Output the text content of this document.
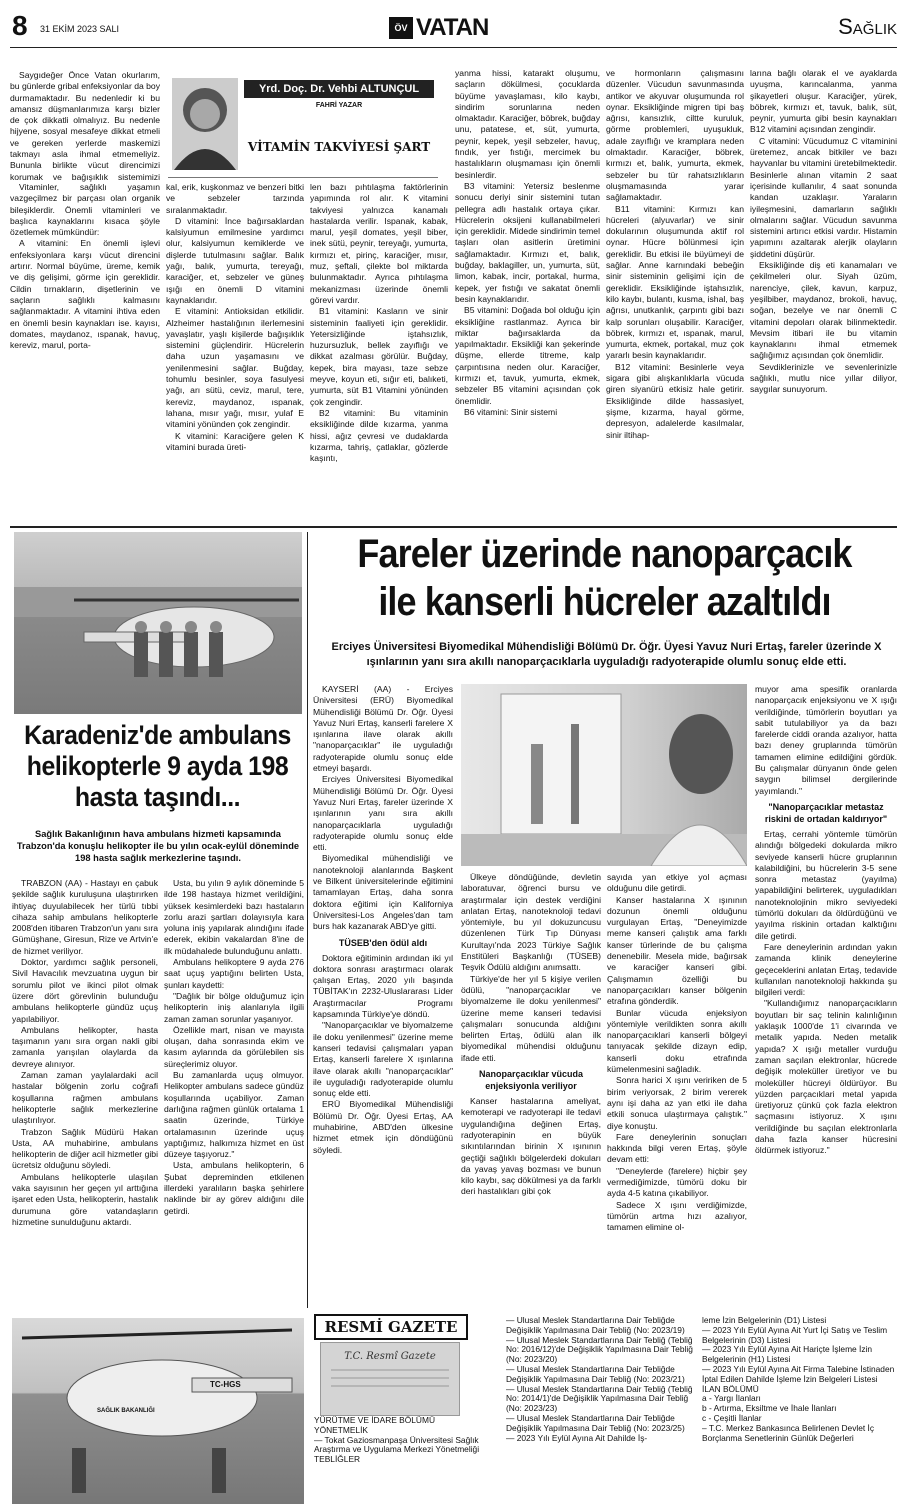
8 31 EKİM 2023 SALI	ÖV VATAN	Sağlık
Yrd. Doç. Dr. Vehbi ALTUNÇUL
FAHRİ YAZAR
VİTAMİN TAKVİYESİ ŞART

Saygıdeğer Önce Vatan okurlarım, bu günlerde gribal enfeksiyonlar da boy durmamaktadır. Bu nedenledir ki bu amansız düşmanlarımıza karşı bizler de çok dikkatli olmalıyız. Bu nedenle hijyene, sosyal mesafeye dikkat etmeli ve gereken yerlerde maskemizi takmayı asla ihmal etmemeliyiz. Bununla birlikte vücut direncimizi korumak ve bağışıklık sistemimizi

Vitaminler, sağlıklı yaşamın vazgeçilmez bir parçası olan organik bileşiklerdir. Önemli vitaminleri ve başlıca kaynaklarını kısaca şöyle özetlemek mümkündür:

A vitamini: En önemli işlevi enfeksiyonlara karşı vücut direncini artırır. Normal büyüme, üreme, kemik ve diş gelişimi, görme için gereklidir. Cildin tırnakların, dişetlerinin ve saçların sağlıklı kalmasını sağlanmaktadır. A vitamini ihtiva eden en önemli besin kaynakları ise. kayısı, domates, maydanoz, ıspanak, havuç, kereviz, marul, porta-

kal, erik, kuşkonmaz ve benzeri bitki ve sebzeler tarzında sıralanmaktadır.

D vitamini: İnce bağırsaklardan kalsiyumun emilmesine yardımcı olur, kalsiyumun kemiklerde ve dişlerde tutulmasını sağlar. Balık yağı, balık, yumurta, tereyağı, karaciğer, et, sebzeler ve güneş ışığı en önemli D vitamini kaynaklarıdır.

E vitamini: Antioksidan etkilidir. Alzheimer hastalığının ilerlemesini yavaşlatır, yaşlı kişilerde bağışıklık sistemini güçlendirir. Hücrelerin daha uzun yaşamasını ve yenilenmesini sağlar. Buğday, tohumlu besinler, soya fasulyesi yağı, arı sütü, ceviz, marul, tere, kereviz, maydanoz, ıspanak, lahana, mısır yağı, mısır, yulaf E vitamini yönünden çok zengindir.

K vitamini: Karaciğere gelen K vitamini burada üreti-

len bazı pıhtılaşma faktörlerinin yapımında rol alır. K vitamini takviyesi yalnızca kanamalı hastalarda verilir. Ispanak, kabak, marul, yeşil domates, yeşil biber, inek sütü, peynir, tereyağı, yumurta, kırmızı et, pirinç, karaciğer, mısır, muz, şeftali, çilekte bol miktarda bulunmaktadır. Ayrıca pıhtılaşma mekanizması üzerinde önemli görevi vardır.

B1 vitamini: Kasların ve sinir sisteminin faaliyeti için gereklidir. Yetersizliğinde iştahsızlık, huzursuzluk, bellek zayıflığı ve dikkat azalması görülür. Buğday, kepek, bira mayası, taze sebze meyve, koyun eti, sığır eti, balıketi, yumurta, süt B1 Vitamini yönünden çok zengindir.

B2 vitamini: Bu vitaminin eksikliğinde dilde kızarma, yanma hissi, ağız çevresi ve dudaklarda kızarma, tahriş, çatlaklar, gözlerde kaşıntı,

yanma hissi, katarakt oluşumu, saçların dökülmesi, çocuklarda büyüme yavaşlaması, kilo kaybı, sindirim sorunlarına neden olmaktadır. Karaciğer, böbrek, buğday unu, patatese, et, süt, yumurta, peynir, kepek, yeşil sebzeler, havuç, fındık, yer fıstığı, mercimek bu hastalıkların oluşmaması için önemli besinlerdir.

B3 vitamini: Yetersiz beslenme sonucu deriyi sinir sistemini tutan pellegra adlı hastalık ortaya çıkar. Hücrelerin oksijeni kullanabilmeleri için gereklidir. Midede sindirimin temel taşları olan asitlerin üretimini sağlamaktadır. Kırmızı et, balık, buğday, baklagiller, un, yumurta, süt, limon, kabak, incir, portakal, hurma, kepek, yer fıstığı ve sakatat önemli besin kaynaklarıdır.

B5 vitamini: Doğada bol olduğu için eksikliğine rastlanmaz. Ayrıca bir miktar bağırsaklarda da yapılmaktadır. Eksikliği kan şekerinde düşme, ellerde titreme, kalp çarpıntısına neden olur. Karaciğer, kırmızı et, tavuk, yumurta, ekmek, sebzeler B5 vitamini açısından çok önemlidir.

B6 vitamini: Sinir sistemi

ve hormonların çalışmasını düzenler. Vücudun savunmasında antikor ve akyuvar oluşumunda rol oynar. Eksikliğinde migren tipi baş ağrısı, kansızlık, ciltte kuruluk, görme problemleri, uyuşukluk, adale zayıflığı ve kramplara neden olmaktadır. Karaciğer, böbrek, kırmızı et, balık, yumurta, ekmek, sebzeler bu tür rahatsızlıkların oluşmamasında yarar sağlamaktadır.

B11 vitamini: Kırmızı kan hücreleri (alyuvarlar) ve sinir dokularının oluşumunda aktif rol oynar. Hücre bölünmesi için gereklidir. Bu etkisi ile büyümeyi de sağlar. Anne karnındaki bebeğin sinir sisteminin gelişimi için de gereklidir. Eksikliğinde iştahsızlık, kilo kaybı, bulantı, kusma, ishal, baş ağrısı, unutkanlık, çarpıntı gibi bazı kalp sorunları oluşabilir. Karaciğer, böbrek, kırmızı et, ıspanak, marul, yumurta, ekmek, portakal, muz çok yararlı besin kaynaklarıdır.

B12 vitamini: Besinlerle veya sigara gibi alışkanlıklarla vücuda giren siyanürü etkisiz hale getirir. Eksikliğinde dilde hassasiyet, şişme, kızarma, hayal görme, depresyon, adalelerde kasılmalar, sinir iltihap-

larına bağlı olarak el ve ayaklarda uyuşma, karıncalanma, yanma şikayetleri oluşur. Karaciğer, yürek, böbrek, kırmızı et, tavuk, balık, süt, peynir, yumurta gibi besin kaynakları B12 vitamini açısından zengindir.

C vitamini: Vücudumuz C vitaminini üretemez, ancak bitkiler ve bazı hayvanlar bu vitamini üretebilmektedir. Besinlerle alınan vitamin 2 saat içerisinde kullanılır, 4 saat sonunda kandan uzaklaşır. Yaraların iyileşmesini, damarların sağlıklı olmalarını sağlar. Vücudun savunma sistemini artırıcı etkisi vardır. Histamin yapımını azaltarak alerjik olayların şiddetini düşürür.

Eksikliğinde diş eti kanamaları ve çekilmeleri olur. Siyah üzüm, narenciye, çilek, kavun, karpuz, yeşilbiber, maydanoz, brokoli, havuç, soğan, bezelye ve nar önemli C vitamini depoları olarak bilinmektedir. Mevsim itibari ile bu vitamin kaynaklarını ihmal etmemek sağlığımız açısından çok önemlidir.

Sevdiklerinizle ve sevenlerinizle sağlıklı, mutlu nice yıllar diliyor, saygılar sunuyorum.

Karadeniz'de ambulans helikopterle 9 ayda 198 hasta taşındı...
Sağlık Bakanlığının hava ambulans hizmeti kapsamında Trabzon'da konuşlu helikopter ile bu yılın ocak-eylül döneminde 198 hasta sağlık merkezlerine taşındı.

TRABZON (AA) - Hastayı en çabuk şekilde sağlık kuruluşuna ulaştırırken ihtiyaç duyulabilecek her türlü tıbbi cihaza sahip ambulans helikopterle 2008'den itibaren Trabzon'un yanı sıra Gümüşhane, Giresun, Rize ve Artvin'e de hizmet veriliyor.

Doktor, yardımcı sağlık personeli, Sivil Havacılık mevzuatına uygun bir sorumlu pilot ve ikinci pilot olmak üzere dört görevlinin bulunduğu ambulans helikopterle gündüz uçuş yapılabiliyor.

Ambulans helikopter, hasta taşımanın yanı sıra organ nakli gibi zamanla yarışılan olaylarda da devreye alınıyor.

Zaman zaman yaylalardaki acil hastalar bölgenin zorlu coğrafi koşullarına rağmen ambulans helikopterle sağlık merkezlerine ulaştırılıyor.

Trabzon Sağlık Müdürü Hakan Usta, AA muhabirine, ambulans helikopterin de diğer acil hizmetler gibi ücretsiz olduğunu söyledi.

Ambulans helikopterle ulaşılan vaka sayısının her geçen yıl arttığına işaret eden Usta, helikopterin, hastalık durumuna göre vatandaşların hizmetine sunulduğunu aktardı.

Usta, bu yılın 9 aylık döneminde 5 ilde 198 hastaya hizmet verildiğini, yüksek kesimlerdeki bazı hastaların zorlu arazi şartları dolayısıyla kara yoluna iniş yapılarak alındığını ifade ederek, ekibin vakalardan 8'ine de ilk müdahalede bulunduğunu anlattı.

Ambulans helikoptere 9 ayda 276 saat uçuş yaptığını belirten Usta, şunları kaydetti:

"Dağlık bir bölge olduğumuz için helikopterin iniş alanlarıyla ilgili zaman zaman sorunlar yaşanıyor.

Özellikle mart, nisan ve mayısta oluşan, daha sonrasında ekim ve kasım aylarında da görülebilen sis süreçlerimiz oluyor.

Bu zamanlarda uçuş olmuyor. Helikopter ambulans sadece gündüz koşullarında uçabiliyor. Zaman darlığına rağmen günlük ortalama 1 saatin üzerinde, Türkiye ortalamasının üzerinde uçuş yaptığımız, halkımıza hizmet en üst düzeye taşıyoruz."

Usta, ambulans helikopterin, 6 Şubat depreminden etkilenen illerdeki yaralıların başka şehirlere naklinde bir ay görev aldığını dile getirdi.

TC-HGS
SAĞLIK BAKANLIĞI
Fareler üzerinde nanoparçacık
ile kanserli hücreler azaltıldı
Erciyes Üniversitesi Biyomedikal Mühendisliği Bölümü Dr. Öğr. Üyesi Yavuz Nuri Ertaş, fareler üzerinde X ışınlarının yanı sıra akıllı nanoparçacıklarla uyguladığı radyoterapide olumlu sonuç elde etti.

KAYSERİ (AA) - Erciyes Üniversitesi (ERÜ) Biyomedikal Mühendisliği Bölümü Dr. Öğr. Üyesi Yavuz Nuri Ertaş, kanserli farelere X ışınlarına ilave olarak akıllı "nanoparçacıklar" ile uyguladığı radyoterapide olumlu sonuç elde etmeyi başardı.

Erciyes Üniversitesi Biyomedikal Mühendisliği Bölümü Dr. Öğr. Üyesi Yavuz Nuri Ertaş, fareler üzerinde X ışınlarının yanı sıra akıllı nanoparçacıklarla uyguladığı radyoterapide olumlu sonuç elde etti.

Biyomedikal mühendisliği ve nanoteknoloji alanlarında Başkent ve Bilkent üniversitelerinde eğitimini tamamlayan Ertaş, daha sonra doktora eğitimi için Kaliforniya Üniversitesi-Los Angeles'dan tam burs hak kazanarak ABD'ye gitti.

TÜSEB'den ödül aldı

Doktora eğitiminin ardından iki yıl doktora sonrası araştırmacı olarak çalışan Ertaş, 2020 yılı başında TÜBİTAK'ın 2232-Uluslararası Lider Araştırmacılar Programı kapsamında Türkiye'ye döndü.

"Nanoparçacıklar ve biyomalzeme ile doku yenilenmesi" üzerine meme kanseri tedavisi çalışmaları yapan Ertaş, kanserli farelere X ışınlarına ilave olarak akıllı "nanoparçacıklar" ile uyguladığı radyoterapide olumlu sonuç elde etti.

ERÜ Biyomedikal Mühendisliği Bölümü Dr. Öğr. Üyesi Ertaş, AA muhabirine, ABD'den ülkesine hizmet etmek için döndüğünü söyledi.

Ülkeye döndüğünde, devletin laboratuvar, öğrenci bursu ve araştırmalar için destek verdiğini anlatan Ertaş, nanoteknoloji tedavi yöntemiyle, bu yıl dokuzuncusu düzenlenen Türk Tıp Dünyası Kurultayı'nda 2023 Türkiye Sağlık Enstitüleri Başkanlığı (TÜSEB) Teşvik Ödülü aldığını anımsattı.

Türkiye'de her yıl 5 kişiye verilen ödülü, "nanoparçacıklar ve biyomalzeme ile doku yenilenmesi" üzerine meme kanseri tedavisi çalışmaları sonucunda aldığını belirten Ertaş, ödülü alan ilk biyomedikal mühendisi olduğunu ifade etti.

Nanoparçacıklar vücuda enjeksiyonla veriliyor

Kanser hastalarına ameliyat, kemoterapi ve radyoterapi ile tedavi uygulandığına değinen Ertaş, radyoterapinin en büyük sıkıntılarından birinin X ışınının geçtiği sağlıklı bölgelerdeki dokuları da yavaş yavaş bozması ve bunun kilo kaybı, saç dökülmesi ya da farklı deri hastalıkları gibi çok

sayıda yan etkiye yol açması olduğunu dile getirdi.

Kanser hastalarına X ışınının dozunun önemli olduğunu vurgulayan Ertaş, "Deneyimizde meme kanseri çalıştık ama farklı kanser türlerinde de bu çalışma denenebilir. Mesela mide, bağırsak ve karaciğer kanseri gibi. Çalışmamın özelliği bu nanoparçacıkları kanser bölgenin etrafına gönderdik.

Bunlar vücuda enjeksiyon yöntemiyle verildikten sonra akıllı nanoparçacıklari kanserli bölgeyi tanıyacak şekilde dizayn edip, kanserli doku etrafında kümelenmesini sağladık.

Sonra harici X ışını veririken de 5 birim veriyorsak, 2 birim vererek aynı işi daha az yan etki ile daha etkili sonuca ulaştırmaya çalıştık." diye konuştu.

Fare deneylerinin sonuçları hakkında bilgi veren Ertaş, şöyle devam etti:

"Deneylerde (farelere) hiçbir şey vermediğimizde, tümörü doku bir ayda 4-5 katına çıkabiliyor.

Sadece X ışını verdiğimizde, tümörün artma hızı azalıyor, tamamen elimine ol-

muyor ama spesifik oranlarda nanoparçacık enjeksiyonu ve X ışığı verildiğinde, tümörlerin boyutları ya sabit tutulabiliyor ya da bazı farelerde ciddi oranda azalıyor, hatta bazı deney gruplarında tümörün tamamen elimine edildiğini gördük. Bu çalışmalar dünyanın önde gelen saygın bilimsel dergilerinde yayımlandı."

"Nanoparçacıklar metastaz riskini de ortadan kaldırıyor"

Ertaş, cerrahi yöntemle tümörün alındığı bölgedeki dokularda mikro seviyede kanserli hücre gruplarının kalabildiğini, bu hücrelerin 3-5 sene sonra metastaz (yayılma) yapabildiğini belirterek, uyguladıkları nanoteknolojinin mikro seviyedeki tümörlü dokuları da öldürdüğünü ve yayılma riskinin ortadan kalktığını dile getirdi.

Fare deneylerinin ardından yakın zamanda klinik deneylerine geçeceklerini anlatan Ertaş, tedavide kullanılan nanoteknoloji hakkında şu bilgileri verdi:

"Kullandığımız nanoparçacıkların boyutları bir saç telinin kalınlığının yaklaşık 1000'de 1'i civarında ve metalik yapıda. Neden metalik yapıda? X ışığı metaller vurduğu zaman saçılan elektronlar, hücrede değişik moleküller üretiyor ve bu moleküller hücreyi öldürüyor. Bu yüzden parçacıklari metal yapıda üretiyoruz çünkü çok fazla elektron saçmasını istiyoruz. X ışını verildiğinde bu saçılan elektronlarla daha fazla kanser hücresini öldürmek istiyoruz."

RESMİ GAZETE
T.C. Resmî Gazete
YÜRÜTME VE İDARE BÖLÜMÜ
YÖNETMELİK
— Tokat Gaziosmanpaşa Üniversitesi Sağlık Araştırma ve Uygulama Merkezi Yönetmeliği
TEBLİĞLER
— Ulusal Meslek Standartlarına Dair Tebliğde Değişiklik Yapılmasına Dair Tebliğ (No: 2023/19)
— Ulusal Meslek Standartlarına Dair Tebliğ (Tebliğ No: 2016/12)'de Değişiklik Yapılmasına Dair Tebliğ (No: 2023/20)
— Ulusal Meslek Standartlarına Dair Tebliğde Değişiklik Yapılmasına Dair Tebliğ (No: 2023/21)
— Ulusal Meslek Standartlarına Dair Tebliğ (Tebliğ No: 2014/1)'de Değişiklik Yapılmasına Dair Tebliğ (No: 2023/23)
— Ulusal Meslek Standartlarına Dair Tebliğde Değişiklik Yapılmasına Dair Tebliğ (No: 2023/25)
— 2023 Yılı Eylül Ayına Ait Dahilde İş-
leme İzin Belgelerinin (D1) Listesi
— 2023 Yılı Eylül Ayına Ait Yurt İçi Satış ve Teslim Belgelerinin (D3) Listesi
— 2023 Yılı Eylül Ayına Ait Hariçte İşleme İzin Belgelerinin (H1) Listesi
— 2023 Yılı Eylül Ayına Ait Firma Talebine İstinaden İptal Edilen Dahilde İşleme İzin Belgeleri Listesi
İLAN BÖLÜMÜ
a - Yargı İlanları
b - Artırma, Eksiltme ve İhale İlanları
c - Çeşitli İlanlar
– T.C. Merkez Bankasınca Belirlenen Devlet İç Borçlanma Senetlerinin Günlük Değerleri
